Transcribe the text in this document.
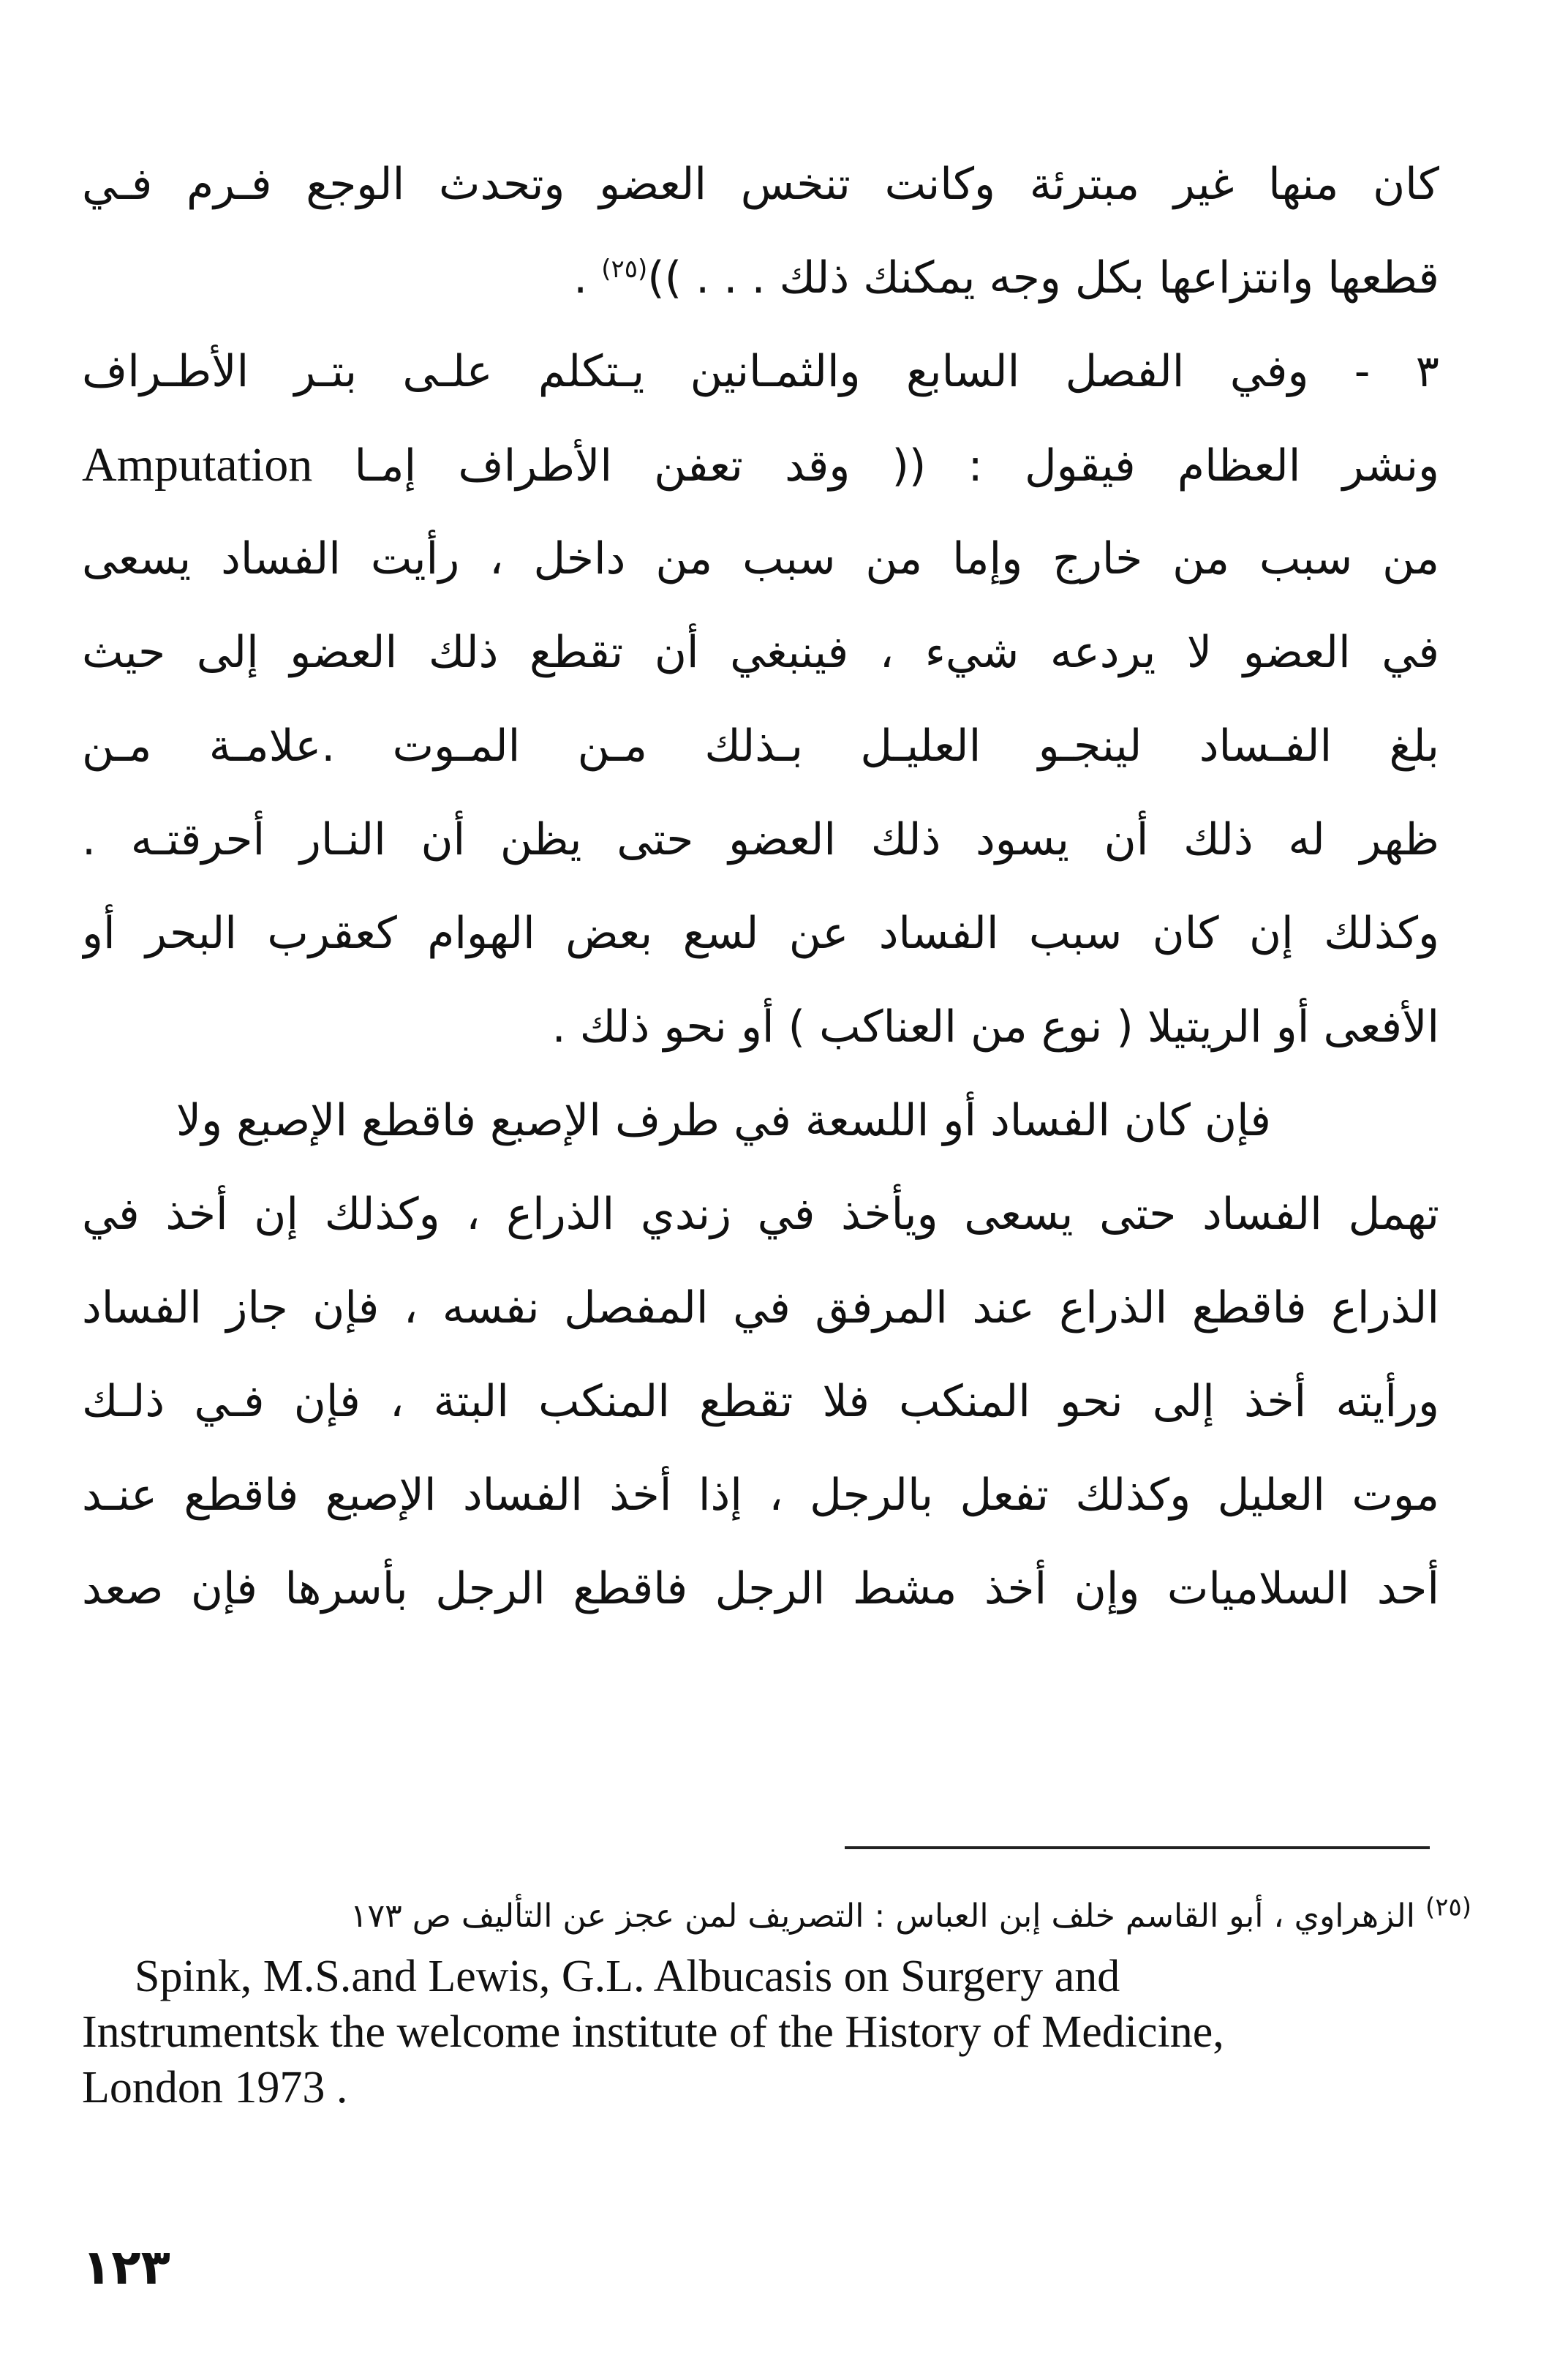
كان منها غير مبترئة وكانت تنخس العضو وتحدث الوجع فـرم فـي
قطعها وانتزاعها بكل وجه يمكنك ذلك . . . ))$^{(٢٥)}$ .
٣ - وفي الفصل السابع والثمـانين يـتكلم علـى بتـر الأطـراف
ونشر العظام فيقول : (( وقد تعفن الأطراف إمـا Amputation
من سبب من خارج وإما من سبب من داخل ، رأيت الفساد يسعى
في العضو لا يردعه شيء ، فينبغي أن تقطع ذلك العضو إلى حيث
بلغ الفـساد لينجـو العليـل بـذلك مـن المـوت .علامـة مـن
ظهر له ذلك أن يسود ذلك العضو حتى يظن أن النـار أحرقتـه .
وكذلك إن كان سبب الفساد عن لسع بعض الهوام كعقرب البحر أو
الأفعى أو الريتيلا ( نوع من العناكب ) أو نحو ذلك .
فإن كان الفساد أو اللسعة في طرف الإصبع فاقطع الإصبع ولا
تهمل الفساد حتى يسعى ويأخذ في زندي الذراع ، وكذلك إن أخذ في
الذراع فاقطع الذراع عند المرفق في المفصل نفسه ، فإن جاز الفساد
ورأيته أخذ إلى نحو المنكب فلا تقطع المنكب البتة ، فإن فـي ذلـك
موت العليل وكذلك تفعل بالرجل ، إذا أخذ الفساد الإصبع فاقطع عنـد
أحد السلاميات وإن أخذ مشط الرجل فاقطع الرجل بأسرها فإن صعد
$^{(٢٥)}$ الزهراوي ، أبو القاسم خلف إبن العباس : التصريف لمن عجز عن التأليف ص ١٧٣
Spink, M.S.and Lewis, G.L. Albucasis on Surgery and
Instrumentsk the welcome institute of the History of Medicine,
London 1973 .
١٢٣
